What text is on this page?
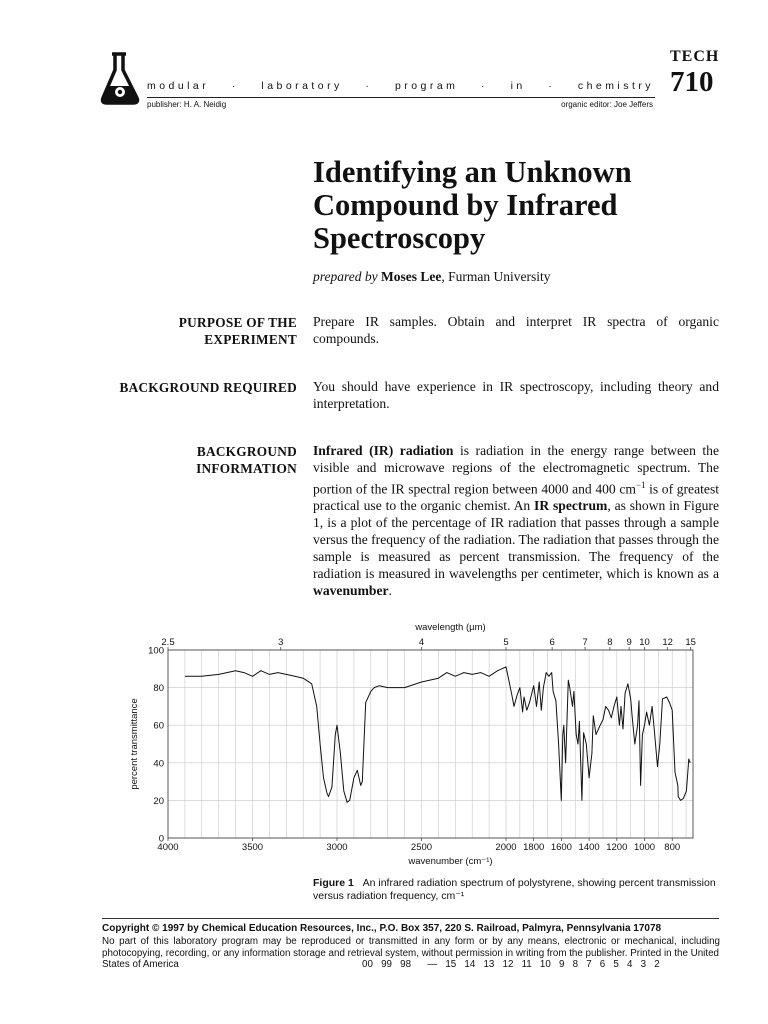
modular · laboratory · program · in · chemistry
publisher: H. A. Neidig	organic editor: Joe Jeffers
TECH
710
Identifying an Unknown Compound by Infrared Spectroscopy
prepared by Moses Lee, Furman University
PURPOSE OF THE EXPERIMENT
Prepare IR samples. Obtain and interpret IR spectra of organic compounds.
BACKGROUND REQUIRED You should have experience in IR spectroscopy, including theory and interpretation.
BACKGROUND INFORMATION
Infrared (IR) radiation is radiation in the energy range between the visible and microwave regions of the electromagnetic spectrum. The portion of the IR spectral region between 4000 and 400 $cm^{-1}$ is of greatest practical use to the organic chemist. An IR spectrum, as shown in Figure 1, is a plot of the percentage of IR radiation that passes through a sample versus the frequency of the radiation. The radiation that passes through the sample is measured as percent transmission. The frequency of the radiation is measured in wavelengths per centimeter, which is known as a wavenumber.
0
20
40
60
80
100
4000	3500	3000	2500	2000 1800 1600 1400 1200 1000 800
2.5	3	4	5	6	7 8 9 10 12 15
wavelength (µm)
wavenumber (cm⁻¹)
percent transmittance
Figure 1 An infrared radiation spectrum of polystyrene, showing percent transmission versus radiation frequency, cm⁻¹
Copyright © 1997 by Chemical Education Resources, Inc., P.O. Box 357, 220 S. Railroad, Palmyra, Pennsylvania 17078
No part of this laboratory program may be reproduced or transmitted in any form or by any means, electronic or mechanical, including photocopying, recording, or any information storage and retrieval system, without permission in writing from the publisher. Printed in the United
States of America	00   99   98      —   15   14   13   12   11   10   9   8   7   6   5   4   3   2
